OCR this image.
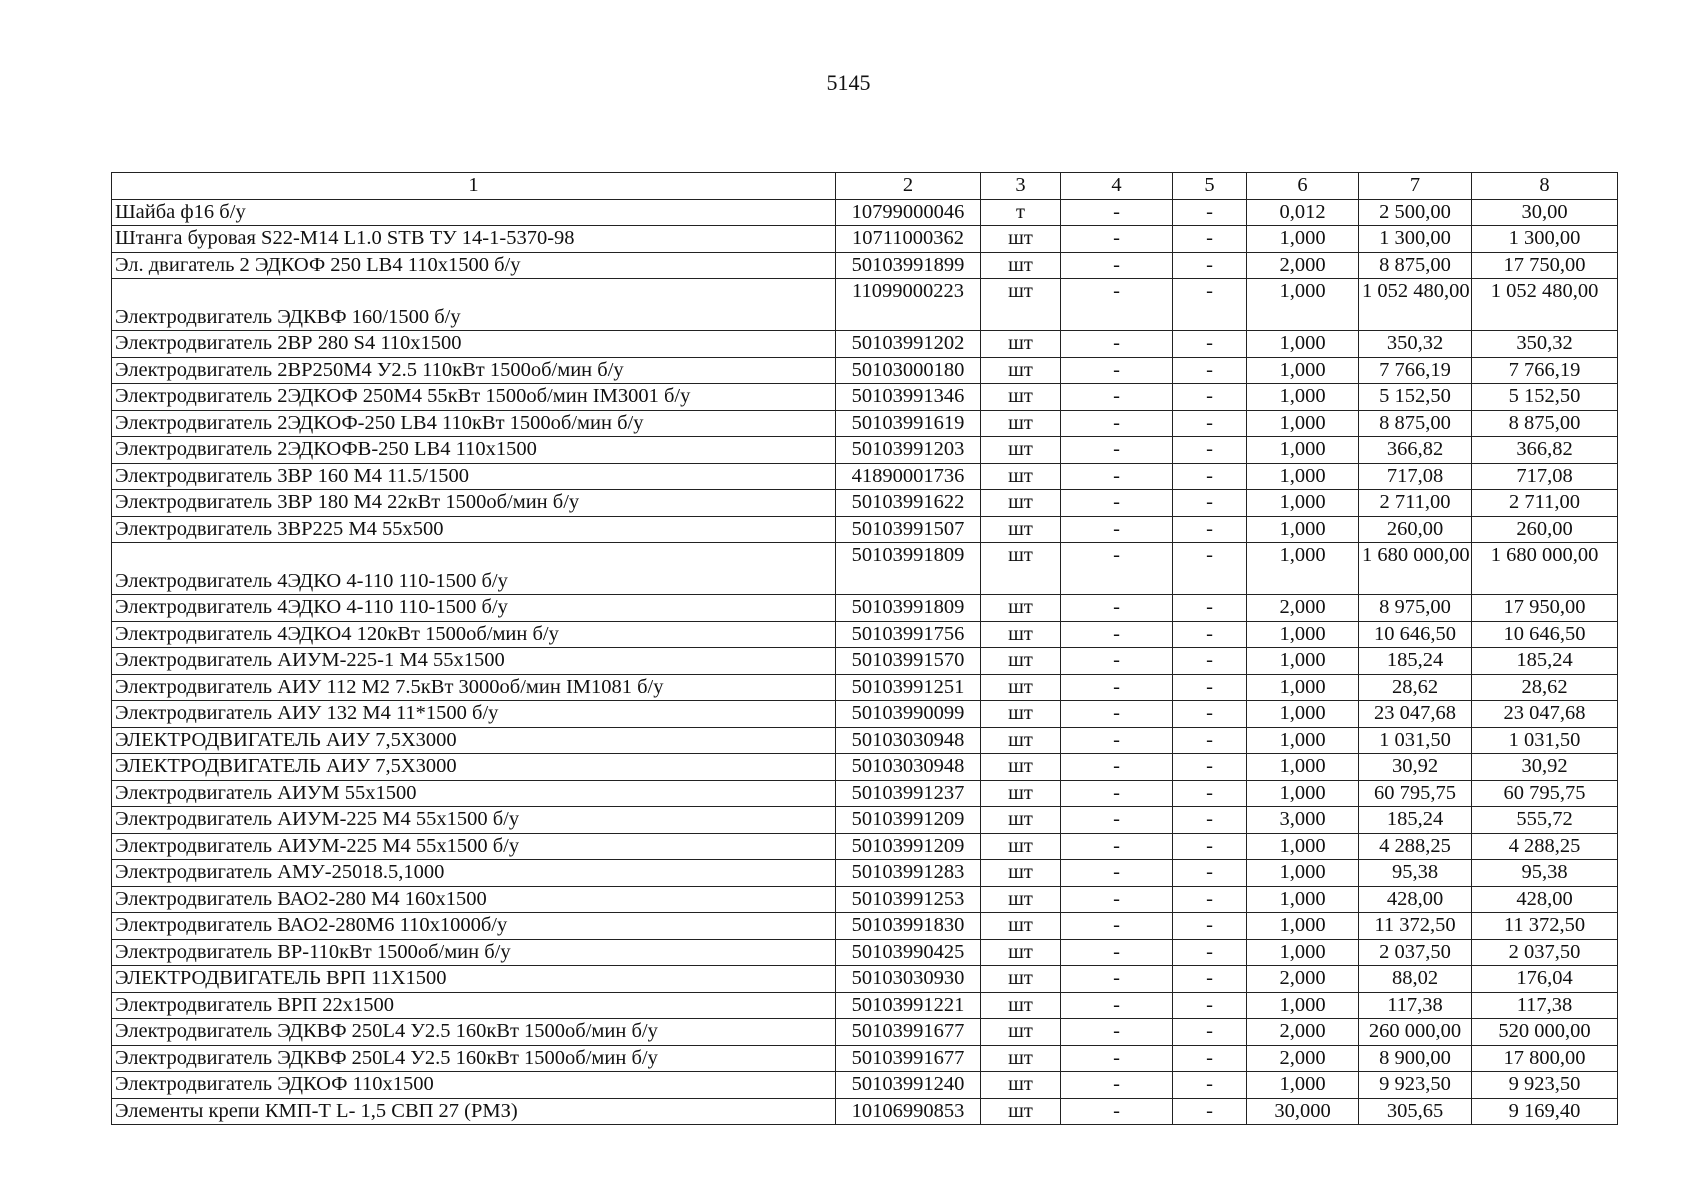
5145
1	2	3	4	5	6	7	8
Шайба ф16 б/у	10799000046	т	-	-	0,012	2 500,00	30,00
Штанга буровая S22-M14 L1.0 STB ТУ 14-1-5370-98	10711000362	шт	-	-	1,000	1 300,00	1 300,00
Эл. двигатель 2 ЭДКОФ 250 LB4 110х1500 б/у	50103991899	шт	-	-	2,000	8 875,00	17 750,00
Электродвигатель ЭДКВФ 160/1500 б/у	11099000223	шт	-	-	1,000	1 052 480,00	1 052 480,00
Электродвигатель 2ВР 280 S4 110х1500	50103991202	шт	-	-	1,000	350,32	350,32
Электродвигатель 2ВР250М4 У2.5 110кВт 1500об/мин б/у	50103000180	шт	-	-	1,000	7 766,19	7 766,19
Электродвигатель 2ЭДКОФ 250М4 55кВт 1500об/мин IM3001 б/у	50103991346	шт	-	-	1,000	5 152,50	5 152,50
Электродвигатель 2ЭДКОФ-250 LB4 110кВт 1500об/мин б/у	50103991619	шт	-	-	1,000	8 875,00	8 875,00
Электродвигатель 2ЭДКОФВ-250 LB4 110х1500	50103991203	шт	-	-	1,000	366,82	366,82
Электродвигатель 3ВР 160 М4 11.5/1500	41890001736	шт	-	-	1,000	717,08	717,08
Электродвигатель 3ВР 180 М4 22кВт 1500об/мин б/у	50103991622	шт	-	-	1,000	2 711,00	2 711,00
Электродвигатель 3ВР225 М4 55х500	50103991507	шт	-	-	1,000	260,00	260,00
Электродвигатель 4ЭДКО 4-110 110-1500 б/у	50103991809	шт	-	-	1,000	1 680 000,00	1 680 000,00
Электродвигатель 4ЭДКО 4-110 110-1500 б/у	50103991809	шт	-	-	2,000	8 975,00	17 950,00
Электродвигатель 4ЭДКО4 120кВт 1500об/мин б/у	50103991756	шт	-	-	1,000	10 646,50	10 646,50
Электродвигатель АИУМ-225-1 М4 55х1500	50103991570	шт	-	-	1,000	185,24	185,24
Электродвигатель АИУ 112 М2 7.5кВт 3000об/мин IM1081 б/у	50103991251	шт	-	-	1,000	28,62	28,62
Электродвигатель АИУ 132 М4 11*1500 б/у	50103990099	шт	-	-	1,000	23 047,68	23 047,68
ЭЛЕКТРОДВИГАТЕЛЬ АИУ 7,5Х3000	50103030948	шт	-	-	1,000	1 031,50	1 031,50
ЭЛЕКТРОДВИГАТЕЛЬ АИУ 7,5Х3000	50103030948	шт	-	-	1,000	30,92	30,92
Электродвигатель АИУМ 55х1500	50103991237	шт	-	-	1,000	60 795,75	60 795,75
Электродвигатель АИУМ-225 М4 55х1500 б/у	50103991209	шт	-	-	3,000	185,24	555,72
Электродвигатель АИУМ-225 М4 55х1500 б/у	50103991209	шт	-	-	1,000	4 288,25	4 288,25
Электродвигатель АМУ-25018.5,1000	50103991283	шт	-	-	1,000	95,38	95,38
Электродвигатель ВАО2-280 М4 160х1500	50103991253	шт	-	-	1,000	428,00	428,00
Электродвигатель ВАО2-280М6 110х1000б/у	50103991830	шт	-	-	1,000	11 372,50	11 372,50
Электродвигатель ВР-110кВт 1500об/мин б/у	50103990425	шт	-	-	1,000	2 037,50	2 037,50
ЭЛЕКТРОДВИГАТЕЛЬ ВРП 11Х1500	50103030930	шт	-	-	2,000	88,02	176,04
Электродвигатель ВРП 22х1500	50103991221	шт	-	-	1,000	117,38	117,38
Электродвигатель ЭДКВФ 250L4 У2.5 160кВт 1500об/мин б/у	50103991677	шт	-	-	2,000	260 000,00	520 000,00
Электродвигатель ЭДКВФ 250L4 У2.5 160кВт 1500об/мин б/у	50103991677	шт	-	-	2,000	8 900,00	17 800,00
Электродвигатель ЭДКОФ 110х1500	50103991240	шт	-	-	1,000	9 923,50	9 923,50
Элементы крепи КМП-Т L- 1,5 СВП 27 (РМЗ)	10106990853	шт	-	-	30,000	305,65	9 169,40
